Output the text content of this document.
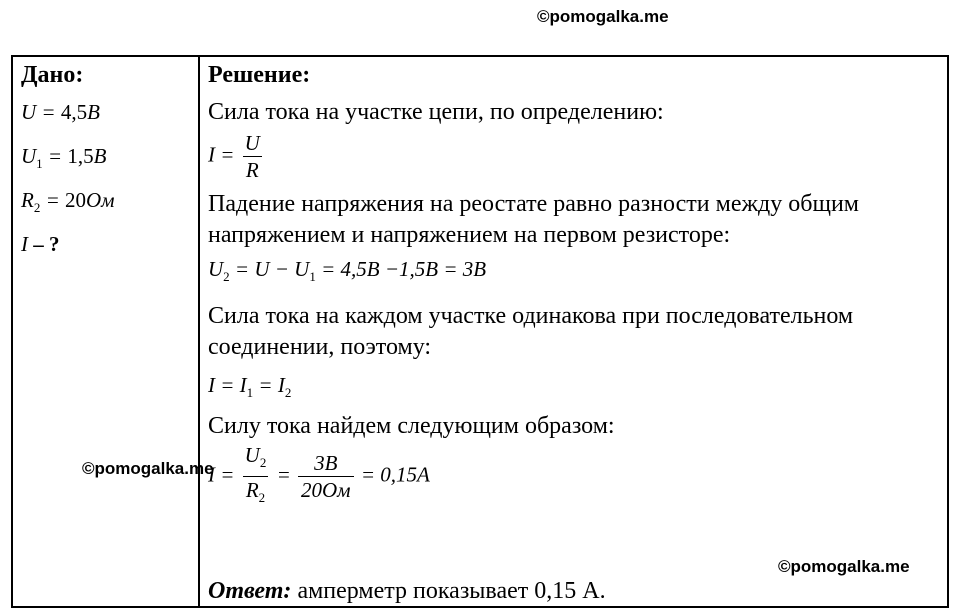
©pomogalka.me
Дано:
U = 4,5В
$U_1 = 1,5В$
$R_2 = 20Ом$
I – ?
Решение:
Сила тока на участке цепи, по определению:
$I = \frac{U}{R}$
Падение напряжения на реостате равно разности между общим напряжением и напряжением на первом резисторе:
$U_2 = U - U_1 = 4,5В -1,5В = 3В$
Сила тока на каждом участке одинакова при последовательном соединении, поэтому:
$I = I_1 = I_2$
Силу тока найдем следующим образом:
$I = \frac{U_2}{R_2} = \frac{3В}{20Ом} = 0,15А$
Ответ: амперметр показывает 0,15 А.
©pomogalka.me
©pomogalka.me
